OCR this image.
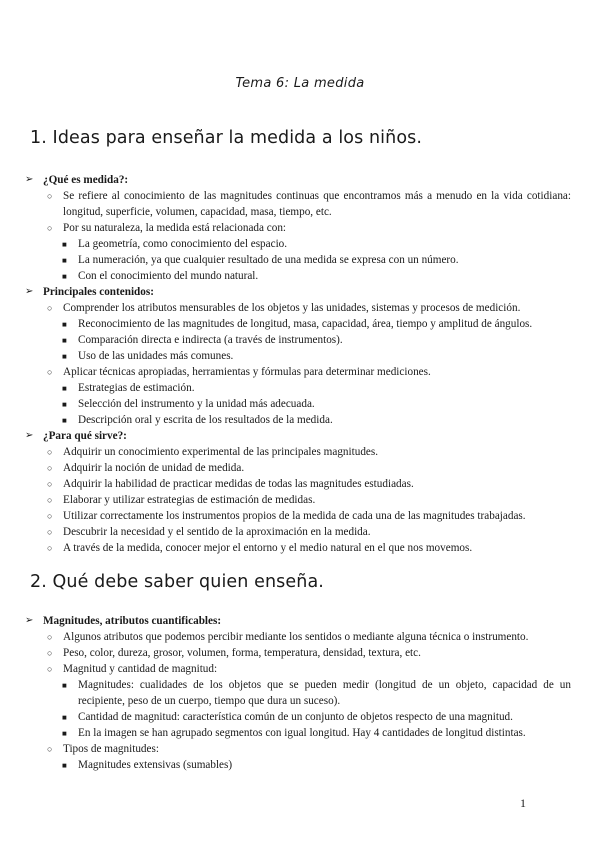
Tema 6: La medida
1. Ideas para enseñar la medida a los niños.
➢ ¿Qué es medida?:
○ Se refiere al conocimiento de las magnitudes continuas que encontramos más a menudo en la vida cotidiana: longitud, superficie, volumen, capacidad, masa, tiempo, etc.
○ Por su naturaleza, la medida está relacionada con:
■ La geometría, como conocimiento del espacio.
■ La numeración, ya que cualquier resultado de una medida se expresa con un número.
■ Con el conocimiento del mundo natural.
➢ Principales contenidos:
○ Comprender los atributos mensurables de los objetos y las unidades, sistemas y procesos de medición.
■ Reconocimiento de las magnitudes de longitud, masa, capacidad, área, tiempo y amplitud de ángulos.
■ Comparación directa e indirecta (a través de instrumentos).
■ Uso de las unidades más comunes.
○ Aplicar técnicas apropiadas, herramientas y fórmulas para determinar mediciones.
■ Estrategias de estimación.
■ Selección del instrumento y la unidad más adecuada.
■ Descripción oral y escrita de los resultados de la medida.
➢ ¿Para qué sirve?:
○ Adquirir un conocimiento experimental de las principales magnitudes.
○ Adquirir la noción de unidad de medida.
○ Adquirir la habilidad de practicar medidas de todas las magnitudes estudiadas.
○ Elaborar y utilizar estrategias de estimación de medidas.
○ Utilizar correctamente los instrumentos propios de la medida de cada una de las magnitudes trabajadas.
○ Descubrir la necesidad y el sentido de la aproximación en la medida.
○ A través de la medida, conocer mejor el entorno y el medio natural en el que nos movemos.
2. Qué debe saber quien enseña.
➢ Magnitudes, atributos cuantificables:
○ Algunos atributos que podemos percibir mediante los sentidos o mediante alguna técnica o instrumento.
○ Peso, color, dureza, grosor, volumen, forma, temperatura, densidad, textura, etc.
○ Magnitud y cantidad de magnitud:
■ Magnitudes: cualidades de los objetos que se pueden medir (longitud de un objeto, capacidad de un recipiente, peso de un cuerpo, tiempo que dura un suceso).
■ Cantidad de magnitud: característica común de un conjunto de objetos respecto de una magnitud.
■ En la imagen se han agrupado segmentos con igual longitud. Hay 4 cantidades de longitud distintas.
○ Tipos de magnitudes:
■ Magnitudes extensivas (sumables)
1
